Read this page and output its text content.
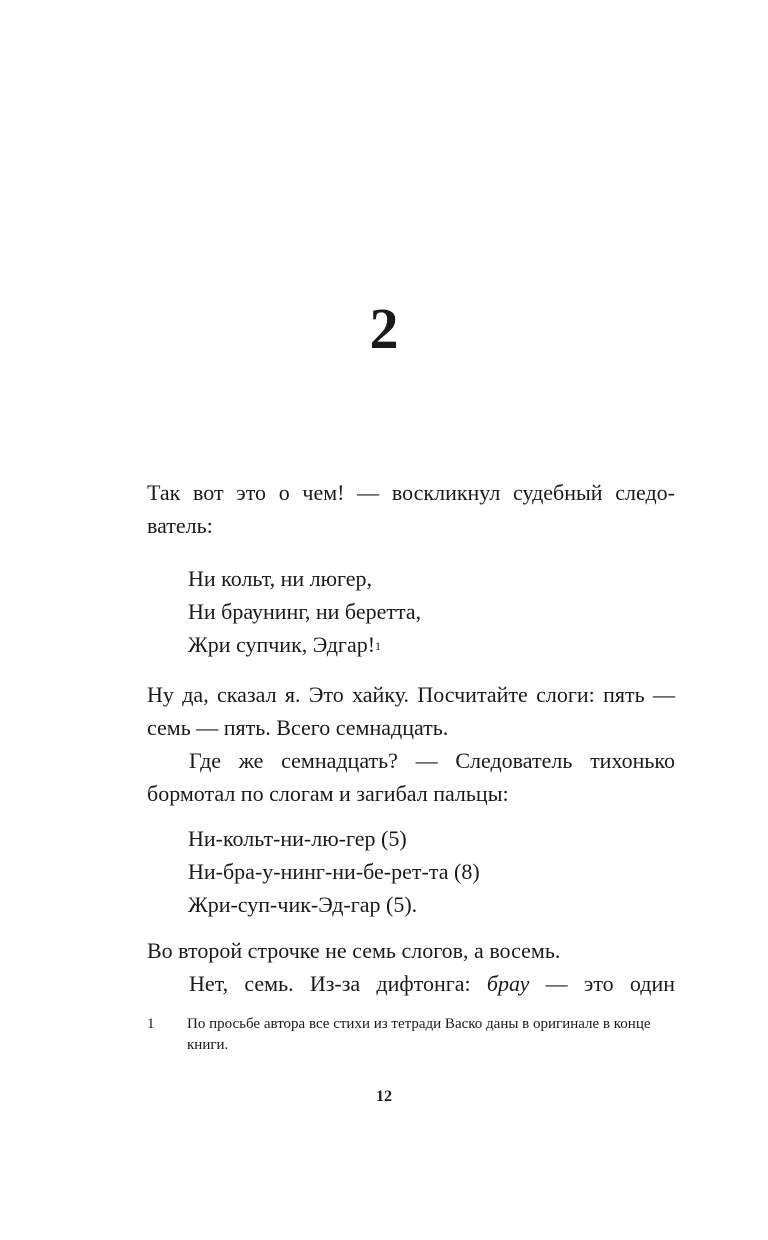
2

Так вот это о чем! — воскликнул судебный следо-ватель:

Ни кольт, ни люгер,
Ни браунинг, ни беретта,
Жри супчик, Эдгар!$^1$

Ну да, сказал я. Это хайку. Посчитайте слоги: пять — семь — пять. Всего семнадцать.

Где же семнадцать? — Следователь тихонько бормотал по слогам и загибал пальцы:

Ни-кольт-ни-лю-гер (5)
Ни-бра-у-нинг-ни-бе-рет-та (8)
Жри-суп-чик-Эд-гар (5).

Во второй строчке не семь слогов, а восемь.

Нет, семь. Из-за дифтонга: брау — это один

1 По просьбе автора все стихи из тетради Васко даны в оригинале в конце книги.
12
